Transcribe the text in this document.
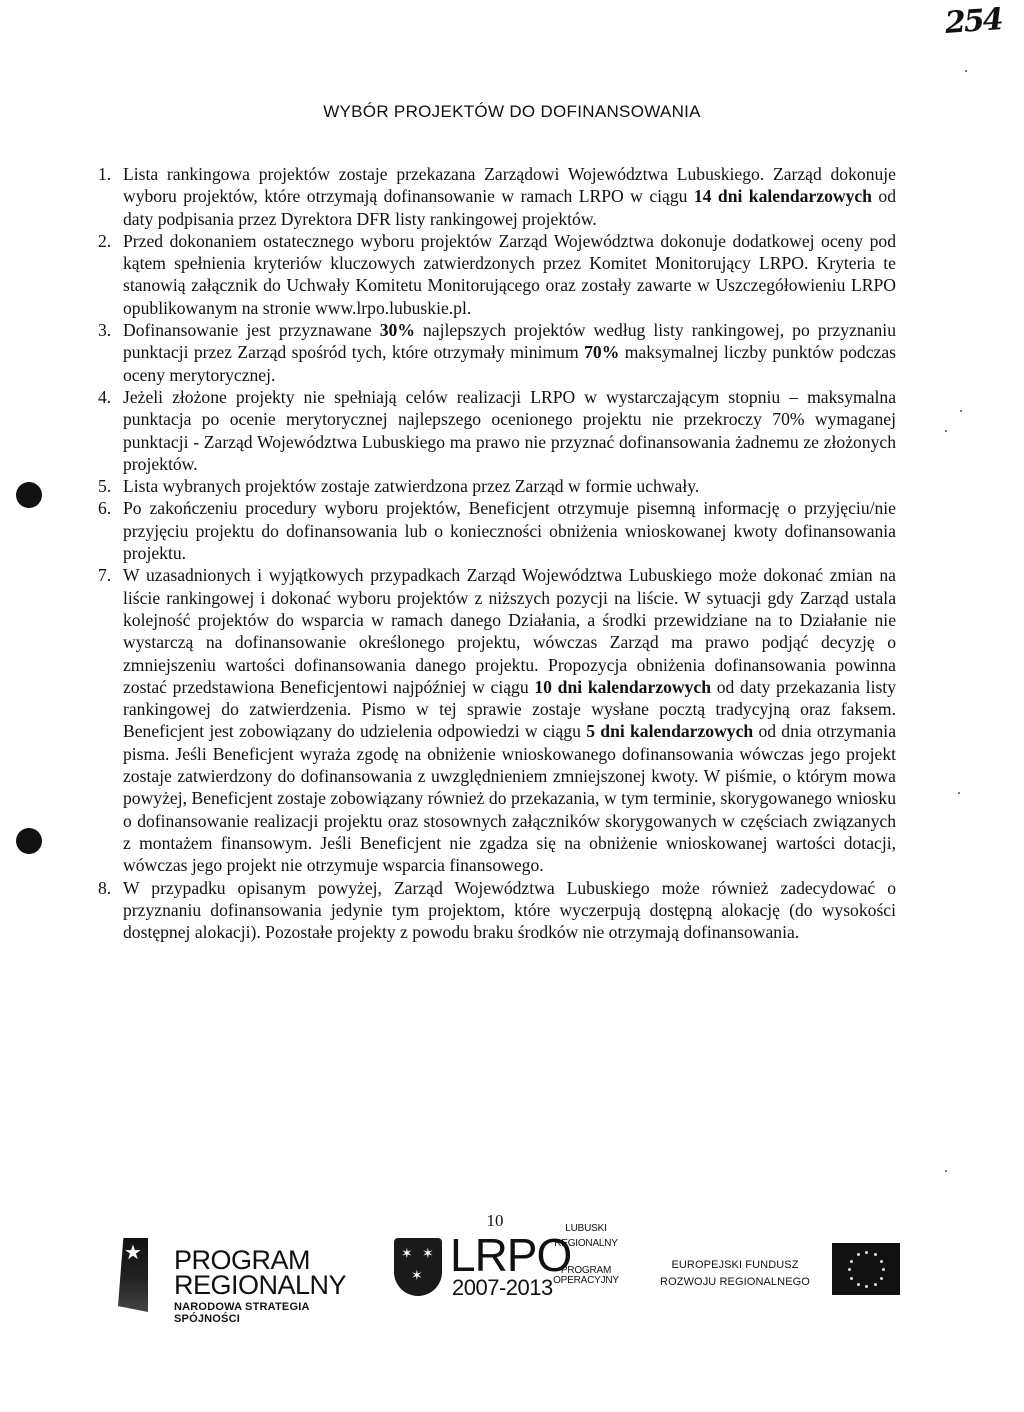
254
WYBÓR PROJEKTÓW DO DOFINANSOWANIA
1. Lista rankingowa projektów zostaje przekazana Zarządowi Województwa Lubuskiego. Zarząd dokonuje wyboru projektów, które otrzymają dofinansowanie w ramach LRPO w ciągu 14 dni kalendarzowych od daty podpisania przez Dyrektora DFR listy rankingowej projektów.
2. Przed dokonaniem ostatecznego wyboru projektów Zarząd Województwa dokonuje dodatkowej oceny pod kątem spełnienia kryteriów kluczowych zatwierdzonych przez Komitet Monitorujący LRPO. Kryteria te stanowią załącznik do Uchwały Komitetu Monitorującego oraz zostały zawarte w Uszczegółowieniu LRPO opublikowanym na stronie www.lrpo.lubuskie.pl.
3. Dofinansowanie jest przyznawane 30% najlepszych projektów według listy rankingowej, po przyznaniu punktacji przez Zarząd spośród tych, które otrzymały minimum 70% maksymalnej liczby punktów podczas oceny merytorycznej.
4. Jeżeli złożone projekty nie spełniają celów realizacji LRPO w wystarczającym stopniu – maksymalna punktacja po ocenie merytorycznej najlepszego ocenionego projektu nie przekroczy 70% wymaganej punktacji - Zarząd Województwa Lubuskiego ma prawo nie przyznać dofinansowania żadnemu ze złożonych projektów.
5. Lista wybranych projektów zostaje zatwierdzona przez Zarząd w formie uchwały.
6. Po zakończeniu procedury wyboru projektów, Beneficjent otrzymuje pisemną informację o przyjęciu/nie przyjęciu projektu do dofinansowania lub o konieczności obniżenia wnioskowanej kwoty dofinansowania projektu.
7. W uzasadnionych i wyjątkowych przypadkach Zarząd Województwa Lubuskiego może dokonać zmian na liście rankingowej i dokonać wyboru projektów z niższych pozycji na liście. W sytuacji gdy Zarząd ustala kolejność projektów do wsparcia w ramach danego Działania, a środki przewidziane na to Działanie nie wystarczą na dofinansowanie określonego projektu, wówczas Zarząd ma prawo podjąć decyzję o zmniejszeniu wartości dofinansowania danego projektu. Propozycja obniżenia dofinansowania powinna zostać przedstawiona Beneficjentowi najpóźniej w ciągu 10 dni kalendarzowych od daty przekazania listy rankingowej do zatwierdzenia. Pismo w tej sprawie zostaje wysłane pocztą tradycyjną oraz faksem. Beneficjent jest zobowiązany do udzielenia odpowiedzi w ciągu 5 dni kalendarzowych od dnia otrzymania pisma. Jeśli Beneficjent wyraża zgodę na obniżenie wnioskowanego dofinansowania wówczas jego projekt zostaje zatwierdzony do dofinansowania z uwzględnieniem zmniejszonej kwoty. W piśmie, o którym mowa powyżej, Beneficjent zostaje zobowiązany również do przekazania, w tym terminie, skorygowanego wniosku o dofinansowanie realizacji projektu oraz stosownych załączników skorygowanych w częściach związanych z montażem finansowym. Jeśli Beneficjent nie zgadza się na obniżenie wnioskowanej wartości dotacji, wówczas jego projekt nie otrzymuje wsparcia finansowego.
8. W przypadku opisanym powyżej, Zarząd Województwa Lubuskiego może również zadecydować o przyznaniu dofinansowania jedynie tym projektom, które wyczerpują dostępną alokację (do wysokości dostępnej alokacji). Pozostałe projekty z powodu braku środków nie otrzymają dofinansowania.
10
★ PROGRAM
REGIONALNY
NARODOWA STRATEGIA SPÓJNOŚCI
✶ ✶
✶ LRPO
2007-2013
LUBUSKI
REGIONALNY
PROGRAM
OPERACYJNY
EUROPEJSKI FUNDUSZ
ROZWOJU REGIONALNEGO
